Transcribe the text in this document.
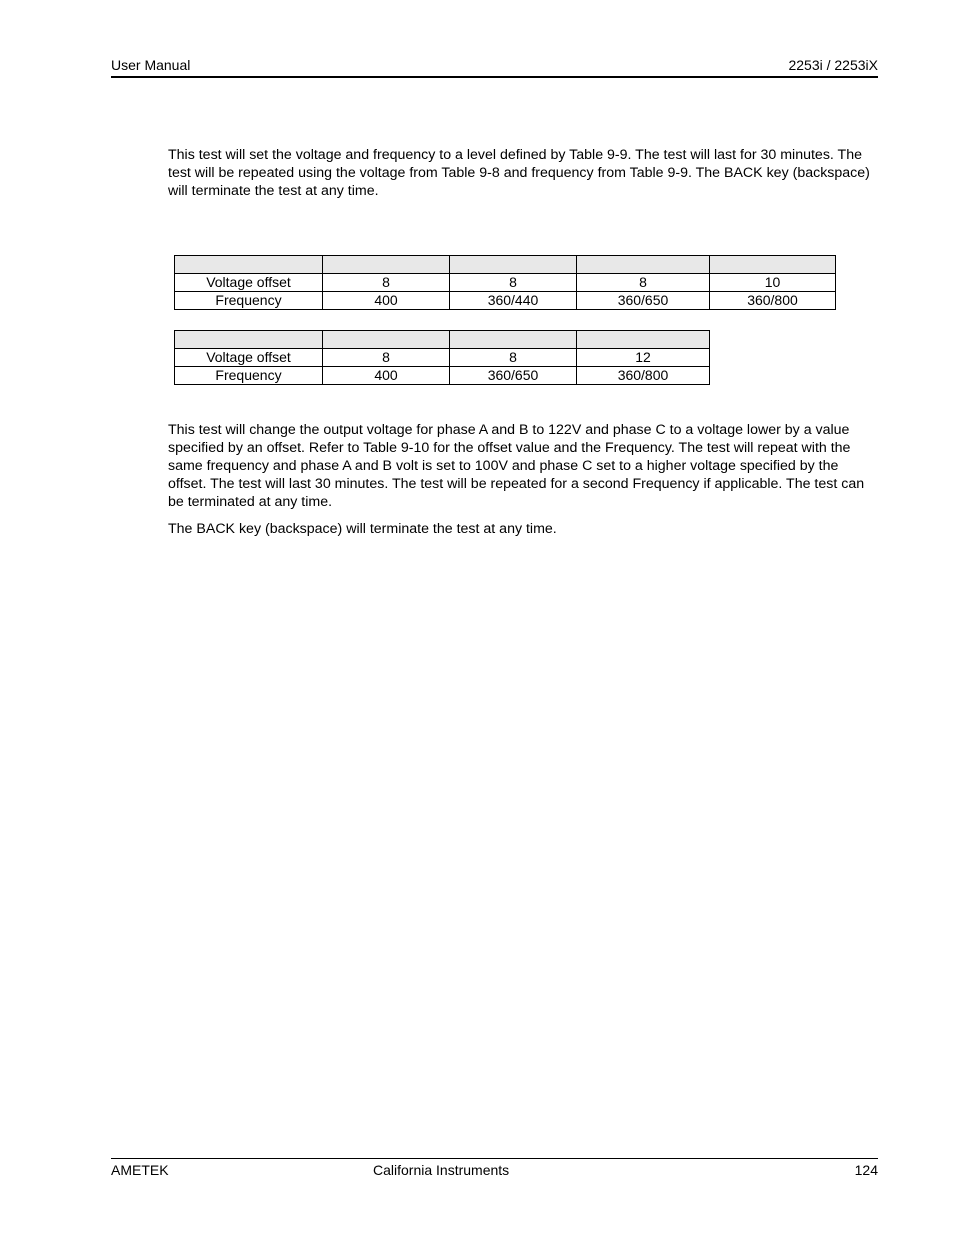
User Manual	2253i / 2253iX

This test will set the voltage and frequency to a level defined by Table 9-9. The test will last for 30 minutes. The test will be repeated using the voltage from Table 9-8 and frequency from Table 9-9. The BACK key (backspace) will terminate the test at any time.

Voltage offset	8	8	8	10
Frequency	400	360/440	360/650	360/800

Voltage offset	8	8	12
Frequency	400	360/650	360/800

This test will change the output voltage for phase A and B to 122V and phase C to a voltage lower by a value specified by an offset. Refer to Table 9-10 for the offset value and the Frequency. The test will repeat with the same frequency and phase A and B volt is set to 100V and phase C set to a higher voltage specified by the offset. The test will last 30 minutes. The test will be repeated for a second Frequency if applicable. The test can be terminated at any time.

The BACK key (backspace) will terminate the test at any time.

AMETEK	California Instruments	124
